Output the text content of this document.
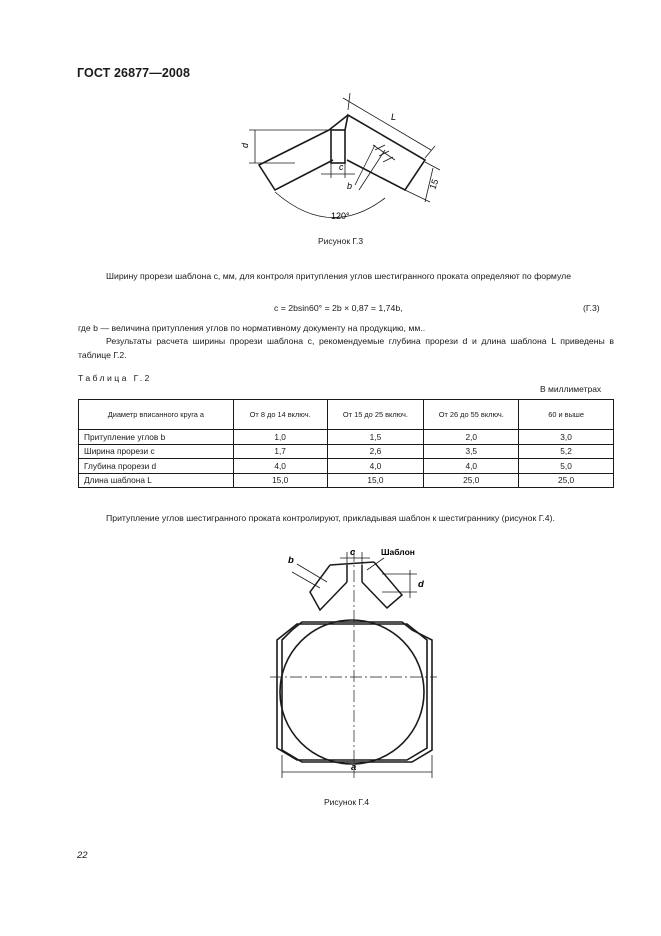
ГОСТ 26877—2008
d
L
15
c
b
120°
Рисунок Г.3
Ширину прорези шаблона c, мм, для контроля притупления углов шестигранного проката определяют по формуле
c = 2bsin60° = 2b × 0,87 = 1,74b,	(Г.3)
где b — величина притупления углов по нормативному документу на продукцию, мм..
Результаты расчета ширины прорези шаблона c, рекомендуемые глубина прорези d и длина шаблона L приведены в таблице Г.2.
Таблица Г.2
В миллиметрах
Диаметр вписанного круга a	От 8 до 14 включ.	От 15 до 25 включ.	От 26 до 55 включ.	60 и выше
Притупление углов b	1,0	1,5	2,0	3,0
Ширина прорези c	1,7	2,6	3,5	5,2
Глубина прорези d	4,0	4,0	4,0	5,0
Длина шаблона L	15,0	15,0	25,0	25,0
Притупление углов шестигранного проката контролируют, прикладывая шаблон к шестиграннику (рисунок Г.4).
b
c	Шаблон
d
a
Рисунок Г.4
22
